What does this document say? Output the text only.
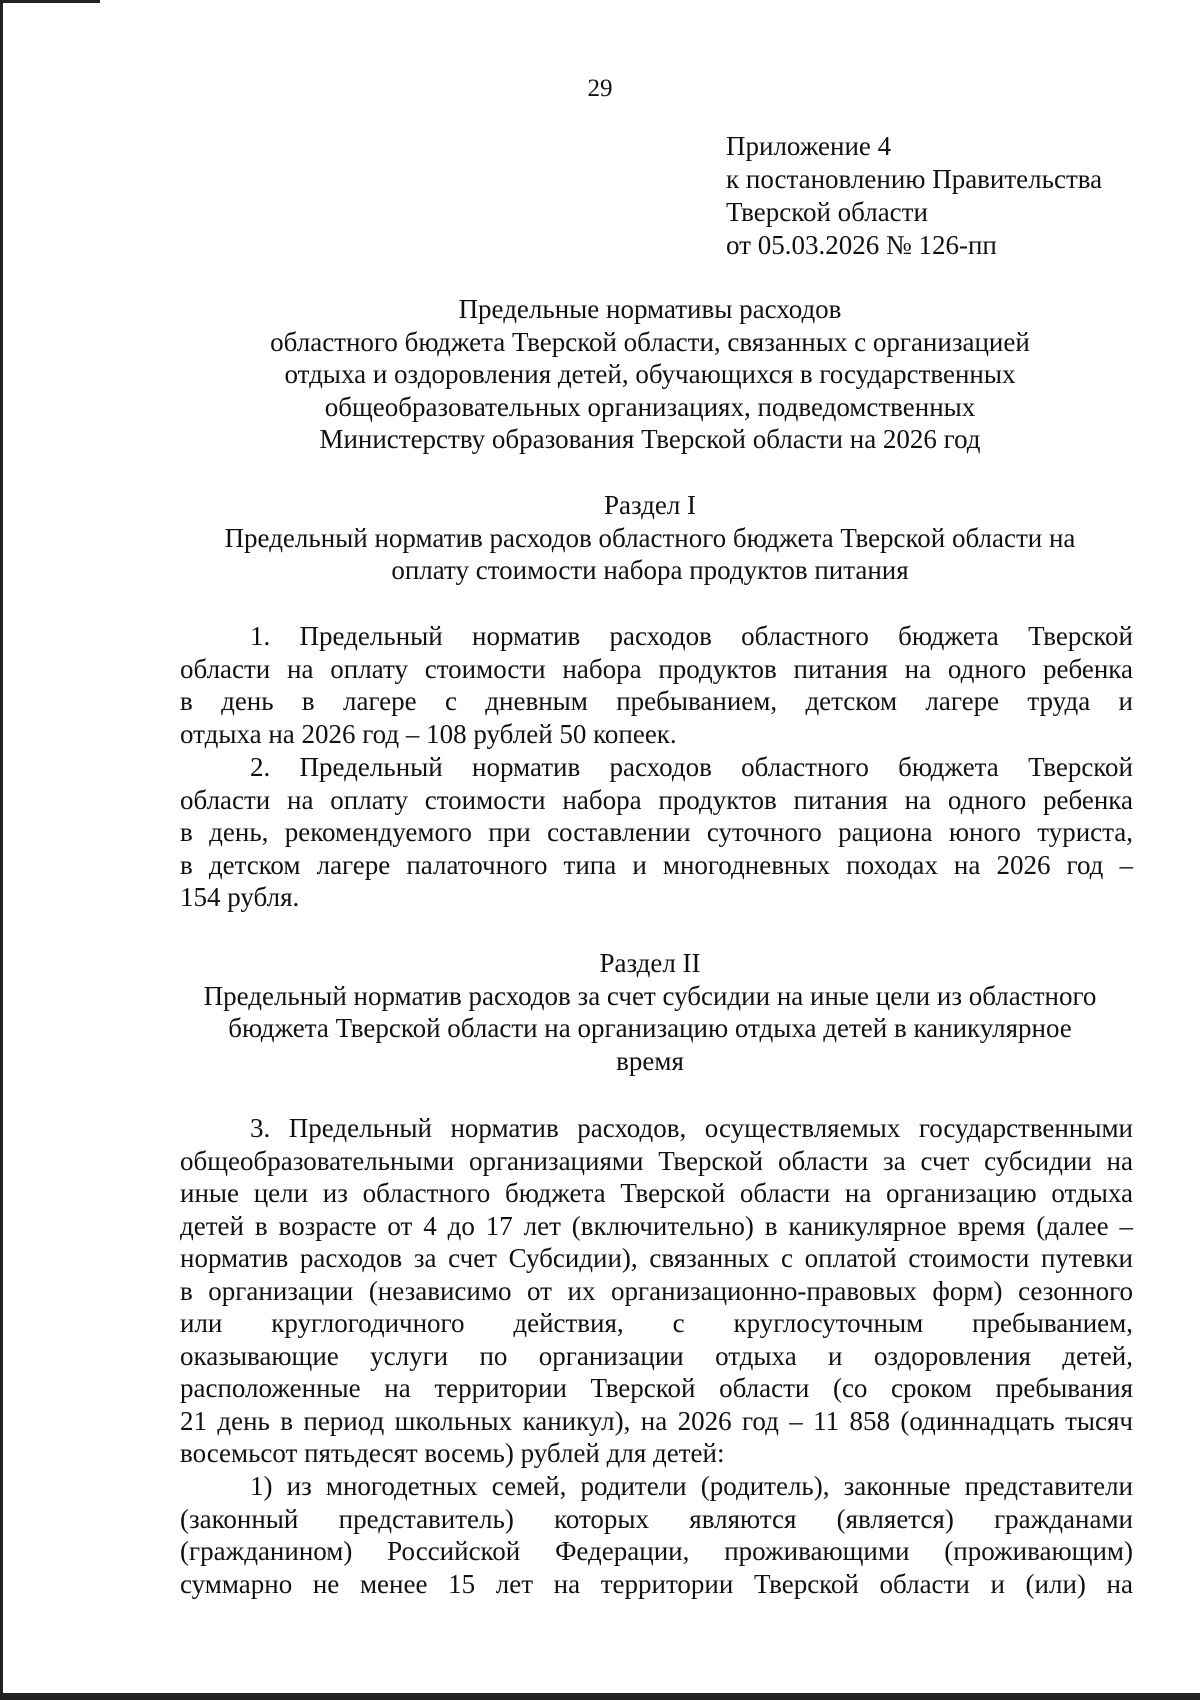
29
Приложение 4
к постановлению Правительства
Тверской области
от 05.03.2026 № 126-пп
Предельные нормативы расходов
областного бюджета Тверской области, связанных с организацией
отдыха и оздоровления детей, обучающихся в государственных
общеобразовательных организациях, подведомственных
Министерству образования Тверской области на 2026 год
Раздел I
Предельный норматив расходов областного бюджета Тверской области на
оплату стоимости набора продуктов питания
1. Предельный норматив расходов областного бюджета Тверской
области на оплату стоимости набора продуктов питания на одного ребенка
в день в лагере с дневным пребыванием, детском лагере труда и
отдыха на 2026 год – 108 рублей 50 копеек.
2. Предельный норматив расходов областного бюджета Тверской
области на оплату стоимости набора продуктов питания на одного ребенка
в день, рекомендуемого при составлении суточного рациона юного туриста,
в детском лагере палаточного типа и многодневных походах на 2026 год –
154 рубля.
Раздел II
Предельный норматив расходов за счет субсидии на иные цели из областного
бюджета Тверской области на организацию отдыха детей в каникулярное
время
3. Предельный норматив расходов, осуществляемых государственными
общеобразовательными организациями Тверской области за счет субсидии на
иные цели из областного бюджета Тверской области на организацию отдыха
детей в возрасте от 4 до 17 лет (включительно) в каникулярное время (далее –
норматив расходов за счет Субсидии), связанных с оплатой стоимости путевки
в организации (независимо от их организационно-правовых форм) сезонного
или круглогодичного действия, с круглосуточным пребыванием,
оказывающие услуги по организации отдыха и оздоровления детей,
расположенные на территории Тверской области (со сроком пребывания
21 день в период школьных каникул), на 2026 год – 11 858 (одиннадцать тысяч
восемьсот пятьдесят восемь) рублей для детей:
1) из многодетных семей, родители (родитель), законные представители
(законный представитель) которых являются (является) гражданами
(гражданином) Российской Федерации, проживающими (проживающим)
суммарно не менее 15 лет на территории Тверской области и (или) на
